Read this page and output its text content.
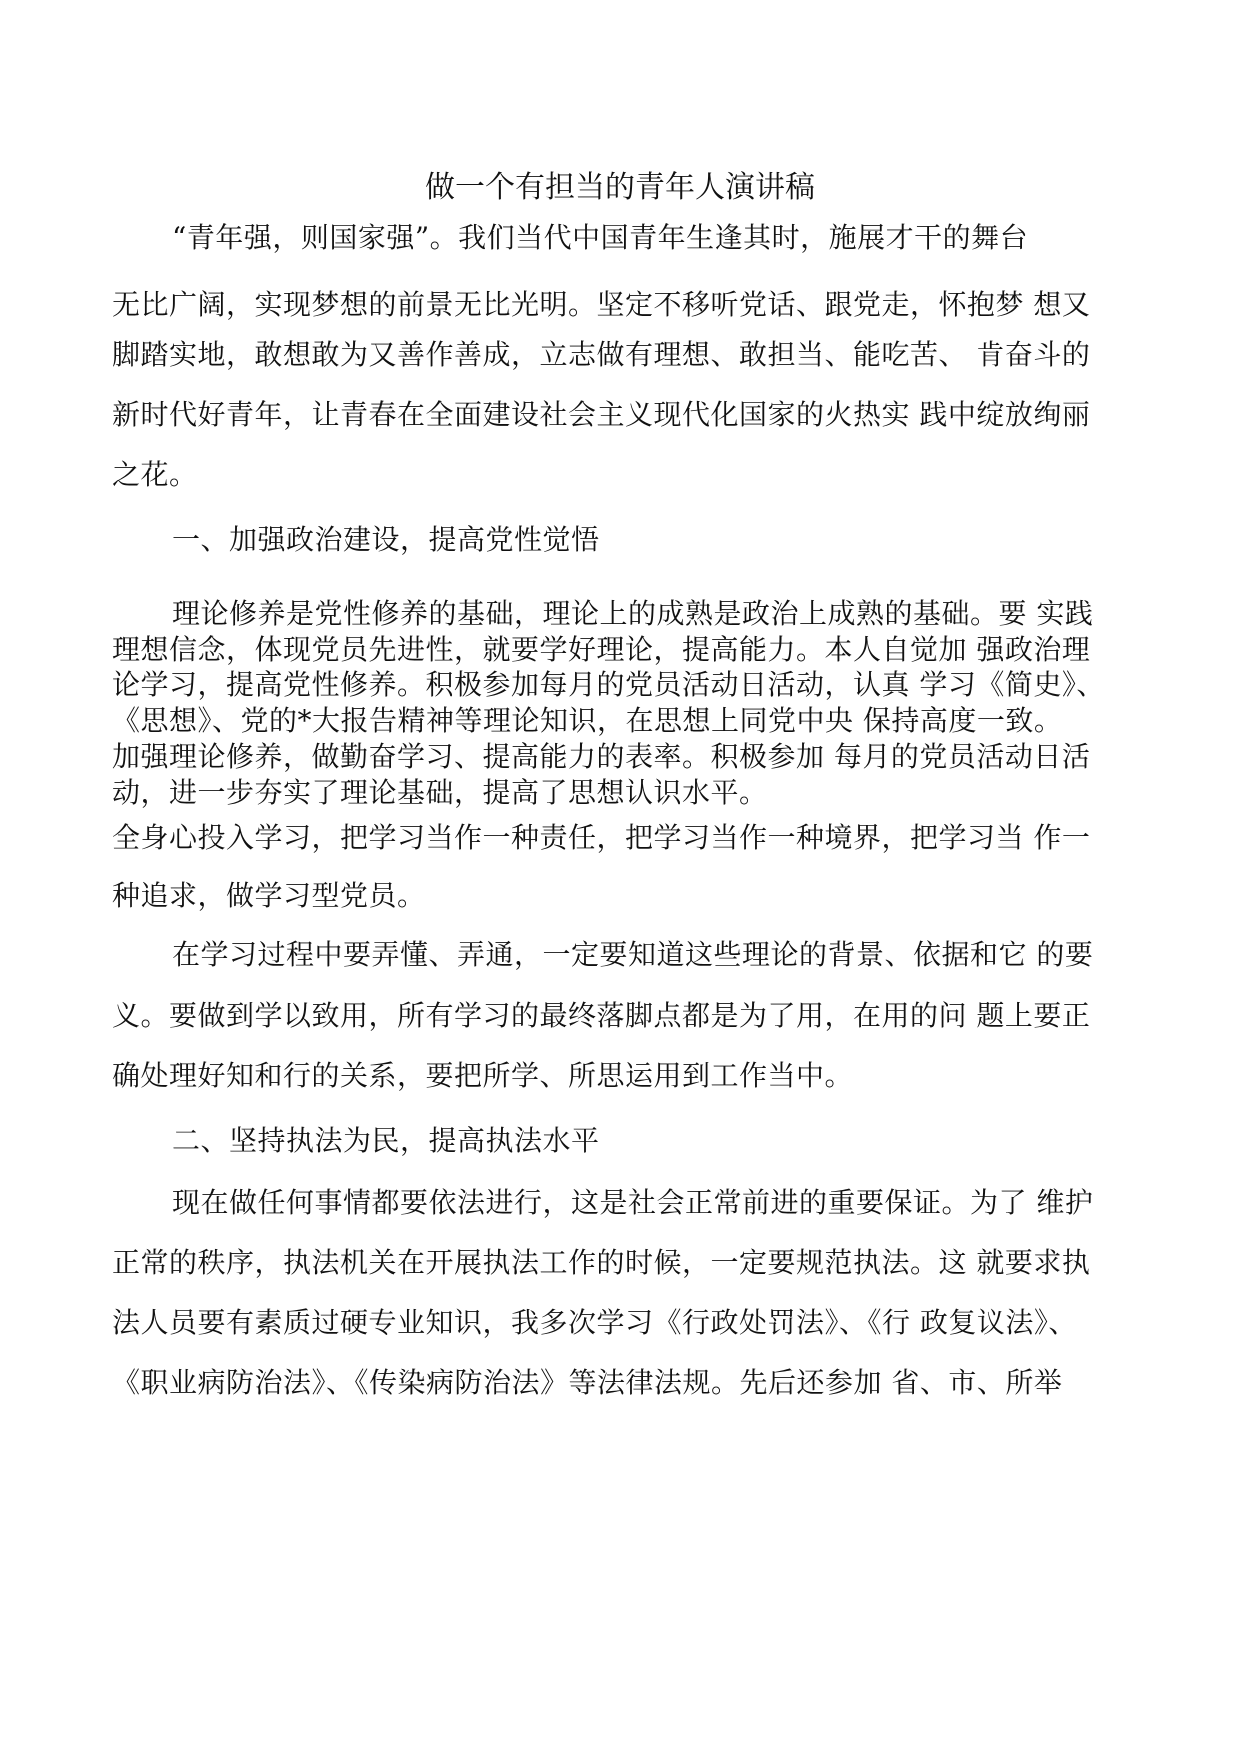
做一个有担当的青年人演讲稿

“青年强，则国家强”。我们当代中国青年生逢其时，施展才干的舞台

无比广阔，实现梦想的前景无比光明。坚定不移听党话、跟党走，怀抱梦 想又

脚踏实地，敢想敢为又善作善成，立志做有理想、敢担当、能吃苦、 肯奋斗的

新时代好青年，让青春在全面建设社会主义现代化国家的火热实 践中绽放绚丽

之花。

一、加强政治建设，提高党性觉悟

理论修养是党性修养的基础，理论上的成熟是政治上成熟的基础。要 实践

理想信念，体现党员先进性，就要学好理论，提高能力。本人自觉加 强政治理

论学习，提高党性修养。积极参加每月的党员活动日活动，认真 学习《简史》、

《思想》、党的*大报告精神等理论知识，在思想上同党中央 保持高度一致。

加强理论修养，做勤奋学习、提高能力的表率。积极参加 每月的党员活动日活

动，进一步夯实了理论基础，提高了思想认识水平。

全身心投入学习，把学习当作一种责任，把学习当作一种境界，把学习当 作一

种追求，做学习型党员。

在学习过程中要弄懂、弄通，一定要知道这些理论的背景、依据和它 的要

义。要做到学以致用，所有学习的最终落脚点都是为了用，在用的问 题上要正

确处理好知和行的关系，要把所学、所思运用到工作当中。

二、坚持执法为民，提高执法水平

现在做任何事情都要依法进行，这是社会正常前进的重要保证。为了 维护

正常的秩序，执法机关在开展执法工作的时候，一定要规范执法。这 就要求执

法人员要有素质过硬专业知识，我多次学习《行政处罚法》、《行 政复议法》、

《职业病防治法》、《传染病防治法》等法律法规。先后还参加 省、市、所举
